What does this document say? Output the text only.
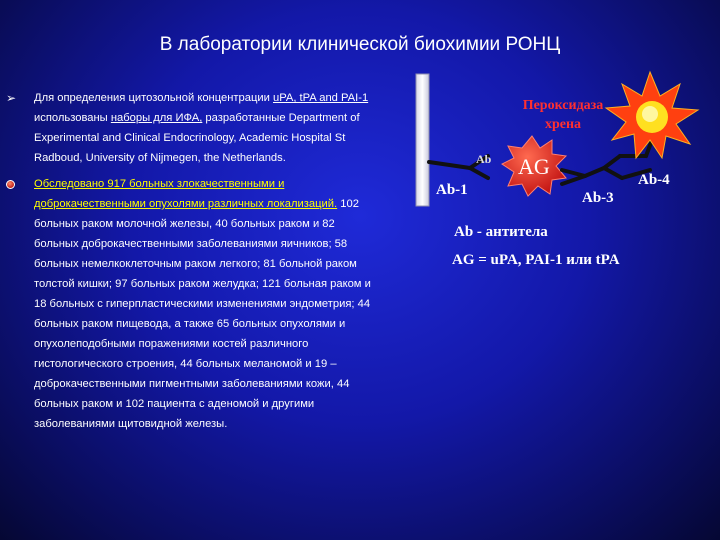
В лаборатории клинической биохимии РОНЦ
➢ Для определения цитозольной концентрации uPA, tPA and PAI-1 использованы наборы для ИФА, разработанные Department of Experimental and Clinical Endocrinology, Academic Hospital St Radboud, University of Nijmegen, the Netherlands.
Обследовано 917 больных злокачественными и доброкачественными опухолями различных локализаций. 102 больных раком молочной железы, 40 больных раком и 82 больных доброкачественными заболеваниями яичников; 58 больных немелкоклеточным раком легкого; 81 больной раком толстой кишки; 97 больных раком желудка; 121 больная раком и 18 больных с гиперпластическими изменениями эндометрия; 44 больных раком пищевода, а также 65 больных опухолями и опухолеподобными поражениями костей различного гистологического строения, 44 больных меланомой и 19 – доброкачественными пигментными заболеваниями кожи, 44 больных раком и 102 пациента с аденомой и другими заболеваниями щитовидной железы.
Пероксидаза хрена
Ab
Ab-1
AG
Ab-3
Ab-4
Ab - антитела
AG = uPA, PAI-1 или tPA
